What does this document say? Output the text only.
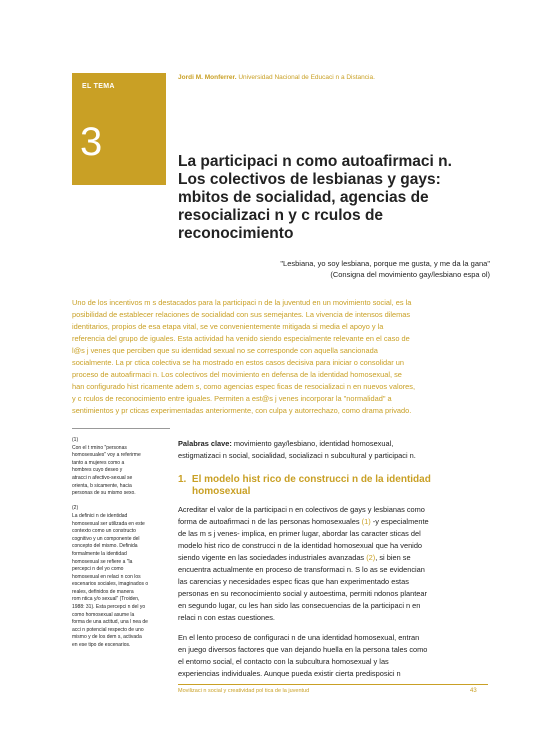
EL TEMA
3
Jordi M. Monferrer. Universidad Nacional de Educaci n a Distancia.
La participaci n como autoafirmaci n.
Los colectivos de lesbianas y gays:
mbitos de socialidad, agencias de
resocializaci n y c rculos de
reconocimiento
"Lesbiana, yo soy lesbiana, porque me gusta, y me da la gana"
(Consigna del movimiento gay/lesbiano espa ol)
Uno de los incentivos m s destacados para la participaci n de la juventud en un movimiento social, es la
posibilidad de establecer relaciones de socialidad con sus semejantes. La vivencia de intensos dilemas
identitarios, propios de esa etapa vital, se ve convenientemente mitigada si media el apoyo y la
referencia del grupo de iguales. Esta actividad ha venido siendo especialmente relevante en el caso de
l@s j venes que perciben que su identidad sexual no se corresponde con aquella sancionada
socialmente. La pr ctica colectiva se ha mostrado en estos casos decisiva para iniciar o consolidar un
proceso de autoafirmaci n. Los colectivos del movimiento en defensa de la identidad homosexual, se
han configurado hist ricamente adem s, como agencias espec ficas de resocializaci n en nuevos valores,
y c rculos de reconocimiento entre iguales. Permiten a est@s j venes incorporar la "normalidad" a
sentimientos y pr cticas experimentadas anteriormente, con culpa y autorrechazo, como drama privado.
(1)
Con el t rmino "personas
homosexuales" voy a referirme
tanto a mujeres como a
hombres cuyo deseo y
atracci n afectivo-sexual se
orienta, b sicamente, hacia
personas de su mismo sexo.
(2)
La definici n de identidad
homosexual ser utilizada en este
contexto como un constructo
cognitivo y un componente del
concepto del mismo. Definida
formalmente la identidad
homosexual se refiere a "la
percepci n del yo como
homosexual en relaci n con los
escenarios sociales, imaginados o
reales, definidos de manera
rom ntica y/o sexual" (Troiden,
1988: 31). Esta percepci n del yo
como homosexual asume la
forma de una actitud, una l nea de
acci n potencial respecto de uno
mismo y de los dem s, activada
en ese tipo de escenarios.
Palabras clave: movimiento gay/lesbiano, identidad homosexual,
estigmatizaci n social, socialidad, socializaci n subcultural y participaci n.
1. El modelo hist rico de construcci n de la identidad
homosexual
Acreditar el valor de la participaci n en colectivos de gays y lesbianas como
forma de autoafirmaci n de las personas homosexuales (1) -y especialmente
de las m s j venes- implica, en primer lugar, abordar las caracter sticas del
modelo hist rico de construcci n de la identidad homosexual que ha venido
siendo vigente en las sociedades industriales avanzadas (2), si bien se
encuentra actualmente en proceso de transformaci n. S lo as se evidencian
las carencias y necesidades espec ficas que han experimentado estas
personas en su reconocimiento social y autoestima, permiti ndonos plantear
en segundo lugar, cu les han sido las consecuencias de la participaci n en
relaci n con estas cuestiones.
En el lento proceso de configuraci n de una identidad homosexual, entran
en juego diversos factores que van dejando huella en la persona tales como
el entorno social, el contacto con la subcultura homosexual y las
experiencias individuales. Aunque pueda existir cierta predisposici n
Movilizaci n social y creatividad pol tica de la juventud	43
